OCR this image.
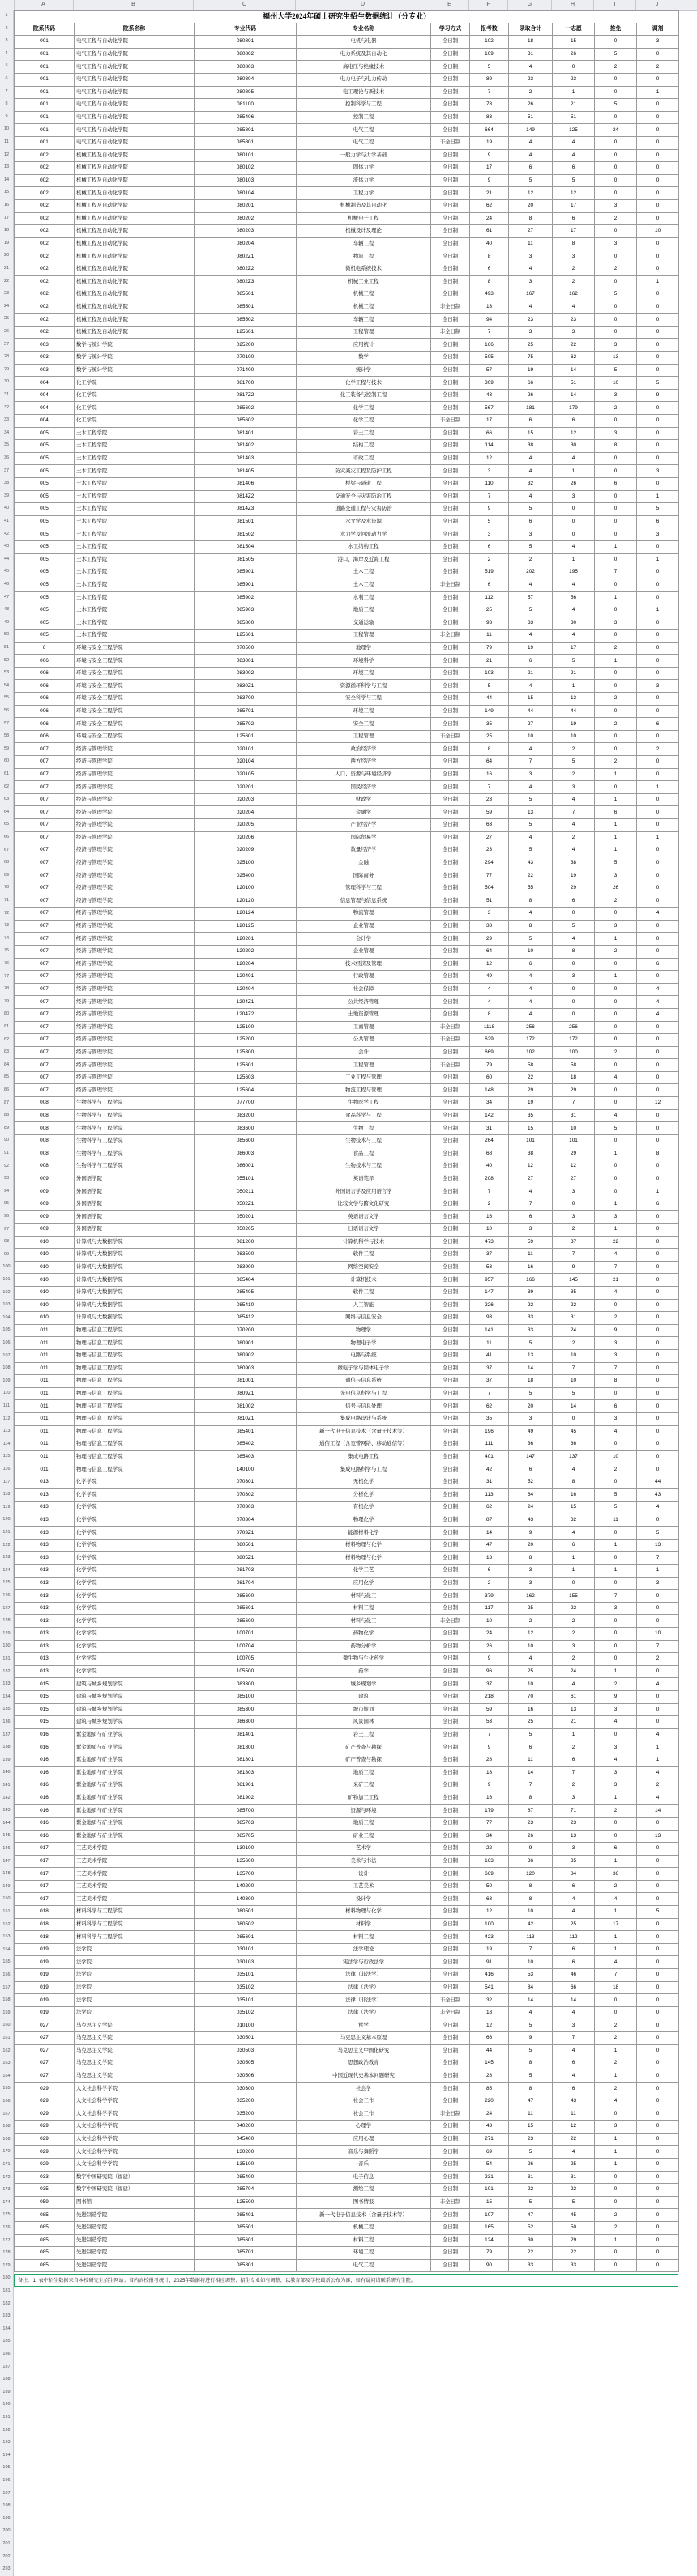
A	B	C	D	E	F	G	H	I	J
1
2
3
4
5
6
7
8
9
10
11
12
13
14
15
16
17
18
19
20
21
22
23
24
25
26
27
28
29
30
31
32
33
34
35
36
37
38
39
40
41
42
43
44
45
46
47
48
49
50
51
52
53
54
55
56
57
58
59
60
61
62
63
64
65
66
67
68
69
70
71
72
73
74
75
76
77
78
79
80
81
82
83
84
85
86
87
88
89
90
91
92
93
94
95
96
97
98
99
100
101
102
103
104
105
106
107
108
109
110
111
112
113
114
115
116
117
118
119
120
121
122
123
124
125
126
127
128
129
130
131
132
133
134
135
136
137
138
139
140
141
142
143
144
145
146
147
148
149
150
151
152
153
154
155
156
157
158
159
160
161
162
163
164
165
166
167
168
169
170
171
172
173
174
175
176
177
178
179
180
181
182
183
184
185
186
187
188
189
190
191
192
193
194
195
196
197
198
199
200
201
202
203
福州大学2024年硕士研究生招生数据统计（分专业）									
院系代码	院系名称	专业代码	专业名称	学习方式	报考数	录取合计	一志愿	推免	调剂
001	电气工程与自动化学院	080801	电机与电器	全日制	102	18	15	0	3
001	电气工程与自动化学院	080802	电力系统及其自动化	全日制	109	31	26	5	0
001	电气工程与自动化学院	080803	高电压与绝缘技术	全日制	5	4	0	2	2
001	电气工程与自动化学院	080804	电力电子与电力传动	全日制	89	23	23	0	0
001	电气工程与自动化学院	080805	电工理论与新技术	全日制	7	2	1	0	1
001	电气工程与自动化学院	081100	控制科学与工程	全日制	78	26	21	5	0
001	电气工程与自动化学院	085406	控制工程	全日制	83	51	51	0	0
001	电气工程与自动化学院	085801	电气工程	全日制	664	149	125	24	0
001	电气工程与自动化学院	085801	电气工程	非全日制	19	4	4	0	0
002	机械工程及自动化学院	080101	一般力学与力学基础	全日制	9	4	4	0	0
002	机械工程及自动化学院	080102	固体力学	全日制	17	6	6	0	0
002	机械工程及自动化学院	080103	流体力学	全日制	9	5	5	0	0
002	机械工程及自动化学院	080104	工程力学	全日制	21	12	12	0	0
002	机械工程及自动化学院	080201	机械制造及其自动化	全日制	62	20	17	3	0
002	机械工程及自动化学院	080202	机械电子工程	全日制	24	8	6	2	0
002	机械工程及自动化学院	080203	机械设计及理论	全日制	61	27	17	0	10
002	机械工程及自动化学院	080204	车辆工程	全日制	40	11	8	3	0
002	机械工程及自动化学院	0802Z1	物流工程	全日制	8	3	3	0	0
002	机械工程及自动化学院	0802Z2	微机电系统技术	全日制	6	4	2	2	0
002	机械工程及自动化学院	0802Z3	机械工业工程	全日制	8	3	2	0	1
002	机械工程及自动化学院	085501	机械工程	全日制	493	167	162	5	0
002	机械工程及自动化学院	085501	机械工程	非全日制	13	4	4	0	0
002	机械工程及自动化学院	085502	车辆工程	全日制	94	23	23	0	0
002	机械工程及自动化学院	125601	工程管理	非全日制	7	3	3	0	0
003	数学与统计学院	025200	应用统计	全日制	166	25	22	3	0
003	数学与统计学院	070100	数学	全日制	505	75	62	13	0
003	数学与统计学院	071400	统计学	全日制	57	19	14	5	0
004	化工学院	081700	化学工程与技术	全日制	309	66	51	10	5
004	化工学院	0817Z2	化工装备与控制工程	全日制	43	26	14	3	9
004	化工学院	085602	化学工程	全日制	567	181	179	2	0
004	化工学院	085602	化学工程	非全日制	17	6	6	0	0
005	土木工程学院	081401	岩土工程	全日制	66	15	12	3	0
005	土木工程学院	081402	结构工程	全日制	114	38	30	8	0
005	土木工程学院	081403	市政工程	全日制	12	4	4	0	0
005	土木工程学院	081405	防灾减灾工程及防护工程	全日制	3	4	1	0	3
005	土木工程学院	081406	桥梁与隧道工程	全日制	110	32	26	6	0
005	土木工程学院	0814Z2	交通安全与灾害防治工程	全日制	7	4	3	0	1
005	土木工程学院	0814Z3	道路交通工程与灾害防治	全日制	9	5	0	0	5
005	土木工程学院	081501	水文学及水资源	全日制	5	6	0	0	6
005	土木工程学院	081502	水力学及河流动力学	全日制	3	3	0	0	3
005	土木工程学院	081504	水工结构工程	全日制	6	5	4	1	0
005	土木工程学院	081505	港口、海岸及近海工程	全日制	2	2	1	0	1
005	土木工程学院	085901	土木工程	全日制	519	202	195	7	0
005	土木工程学院	085901	土木工程	非全日制	6	4	4	0	0
005	土木工程学院	085902	水利工程	全日制	112	57	56	1	0
005	土木工程学院	085903	地质工程	全日制	25	5	4	0	1
005	土木工程学院	085800	交通运输	全日制	93	33	30	3	0
005	土木工程学院	125601	工程管理	非全日制	11	4	4	0	0
6	环境与安全工程学院	070500	地理学	全日制	79	19	17	2	0
006	环境与安全工程学院	083001	环境科学	全日制	21	6	5	1	0
006	环境与安全工程学院	083002	环境工程	全日制	103	21	21	0	0
006	环境与安全工程学院	0830Z1	资源循环科学与工程	全日制	5	4	1	0	3
006	环境与安全工程学院	083700	安全科学与工程	全日制	44	15	13	2	0
006	环境与安全工程学院	085701	环境工程	全日制	149	44	44	0	0
006	环境与安全工程学院	085702	安全工程	全日制	35	27	19	2	6
006	环境与安全工程学院	125601	工程管理	非全日制	25	10	10	0	0
007	经济与管理学院	020101	政治经济学	全日制	8	4	2	0	2
007	经济与管理学院	020104	西方经济学	全日制	64	7	5	2	0
007	经济与管理学院	020105	人口、资源与环境经济学	全日制	16	3	2	1	0
007	经济与管理学院	020201	国民经济学	全日制	7	4	3	0	1
007	经济与管理学院	020203	财政学	全日制	23	5	4	1	0
007	经济与管理学院	020204	金融学	全日制	59	13	7	6	0
007	经济与管理学院	020205	产业经济学	全日制	63	5	4	1	0
007	经济与管理学院	020206	国际贸易学	全日制	27	4	2	1	1
007	经济与管理学院	020209	数量经济学	全日制	23	5	4	1	0
007	经济与管理学院	025100	金融	全日制	294	43	38	5	0
007	经济与管理学院	025400	国际商务	全日制	77	22	19	3	0
007	经济与管理学院	120100	管理科学与工程	全日制	504	55	29	26	0
007	经济与管理学院	120120	信息管理与信息系统	全日制	51	8	6	2	0
007	经济与管理学院	120124	物流管理	全日制	3	4	0	0	4
007	经济与管理学院	120125	企业管理	全日制	33	8	5	3	0
007	经济与管理学院	120201	会计学	全日制	29	5	4	1	0
007	经济与管理学院	120202	企业管理	全日制	64	10	8	2	0
007	经济与管理学院	120204	技术经济及管理	全日制	12	6	0	0	6
007	经济与管理学院	120401	行政管理	全日制	49	4	3	1	0
007	经济与管理学院	120404	社会保障	全日制	4	4	0	0	4
007	经济与管理学院	1204Z1	公共经济管理	全日制	4	4	0	0	4
007	经济与管理学院	1204Z2	土地资源管理	全日制	8	4	0	0	4
007	经济与管理学院	125100	工商管理	非全日制	1118	256	256	0	0
007	经济与管理学院	125200	公共管理	非全日制	629	172	172	0	0
007	经济与管理学院	125300	会计	全日制	669	102	100	2	0
007	经济与管理学院	125601	工程管理	非全日制	79	58	58	0	0
007	经济与管理学院	125603	工业工程与管理	全日制	60	22	18	4	0
007	经济与管理学院	125604	物流工程与管理	全日制	148	29	29	0	0
008	生物科学与工程学院	077700	生物医学工程	全日制	34	19	7	0	12
008	生物科学与工程学院	083200	食品科学与工程	全日制	142	35	31	4	0
008	生物科学与工程学院	083600	生物工程	全日制	31	15	10	5	0
008	生物科学与工程学院	085600	生物技术与工程	全日制	264	101	101	0	0
008	生物科学与工程学院	086003	食品工程	全日制	68	38	29	1	8
008	生物科学与工程学院	086001	生物技术与工程	全日制	40	12	12	0	0
009	外国语学院	055101	英语笔译	全日制	208	27	27	0	0
009	外国语学院	050211	外国语言学及应用语言学	全日制	7	4	3	0	1
009	外国语学院	0502Z1	比较文学与跨文化研究	全日制	2	7	0	1	6
009	外国语学院	050201	英语语言文学	全日制	16	6	3	3	0
009	外国语学院	050205	日语语言文学	全日制	10	3	2	1	0
010	计算机与大数据学院	081200	计算机科学与技术	全日制	473	59	37	22	0
010	计算机与大数据学院	083500	软件工程	全日制	37	11	7	4	0
010	计算机与大数据学院	083900	网络空间安全	全日制	53	16	9	7	0
010	计算机与大数据学院	085404	计算机技术	全日制	957	166	145	21	0
010	计算机与大数据学院	085405	软件工程	全日制	147	39	35	4	0
010	计算机与大数据学院	085410	人工智能	全日制	226	22	22	0	0
010	计算机与大数据学院	085412	网络与信息安全	全日制	93	33	31	2	0
011	物理与信息工程学院	070200	物理学	全日制	141	33	24	9	0
011	物理与信息工程学院	080901	物理电子学	全日制	11	5	2	3	0
011	物理与信息工程学院	080902	电路与系统	全日制	41	13	10	3	0
011	物理与信息工程学院	080903	微电子学与固体电子学	全日制	37	14	7	7	0
011	物理与信息工程学院	081001	通信与信息系统	全日制	37	18	10	8	0
011	物理与信息工程学院	0809Z1	光电信息科学与工程	全日制	7	5	5	0	0
011	物理与信息工程学院	081002	信号与信息处理	全日制	62	20	14	6	0
011	物理与信息工程学院	0810Z1	集成电路设计与系统	全日制	35	3	0	3	0
011	物理与信息工程学院	085401	新一代电子信息技术（含量子技术等）	全日制	196	49	45	4	0
011	物理与信息工程学院	085402	通信工程（含宽带网络、移动通信等）	全日制	111	36	36	0	0
011	物理与信息工程学院	085403	集成电路工程	全日制	401	147	137	10	0
011	物理与信息工程学院	140100	集成电路科学与工程	全日制	42	6	4	2	0
013	化学学院	070301	无机化学	全日制	31	52	8	0	44
013	化学学院	070302	分析化学	全日制	113	64	16	5	43
013	化学学院	070303	有机化学	全日制	62	24	15	5	4
013	化学学院	070304	物理化学	全日制	87	43	32	11	0
013	化学学院	0703Z1	能源材料化学	全日制	14	9	4	0	5
013	化学学院	080501	材料物理与化学	全日制	47	20	6	1	13
013	化学学院	0805Z1	材料物理与化学	全日制	13	8	1	0	7
013	化学学院	081703	化学工艺	全日制	6	3	1	1	1
013	化学学院	081704	应用化学	全日制	2	3	0	0	3
013	化学学院	085600	材料与化工	全日制	379	162	155	7	0
013	化学学院	085601	材料工程	全日制	117	25	22	3	0
013	化学学院	085600	材料与化工	非全日制	10	2	2	0	0
013	化学学院	100701	药物化学	全日制	24	12	2	0	10
013	化学学院	100704	药物分析学	全日制	26	10	3	0	7
013	化学学院	100705	微生物与生化药学	全日制	9	4	2	0	2
013	化学学院	105500	药学	全日制	96	25	24	1	0
015	建筑与城乡规划学院	083300	城乡规划学	全日制	37	10	4	2	4
015	建筑与城乡规划学院	085100	建筑	全日制	218	70	61	9	0
015	建筑与城乡规划学院	085300	城市规划	全日制	59	16	13	3	0
015	建筑与城乡规划学院	086300	风景园林	全日制	53	25	21	4	0
016	紫金地质与矿业学院	081401	岩土工程	全日制	7	5	1	0	4
016	紫金地质与矿业学院	081800	矿产普查与勘探	全日制	9	6	2	3	1
016	紫金地质与矿业学院	081801	矿产普查与勘探	全日制	28	11	6	4	1
016	紫金地质与矿业学院	081803	地质工程	全日制	18	14	7	3	4
016	紫金地质与矿业学院	081901	采矿工程	全日制	9	7	2	3	2
016	紫金地质与矿业学院	081902	矿物加工工程	全日制	16	8	3	1	4
016	紫金地质与矿业学院	085700	资源与环境	全日制	179	87	71	2	14
016	紫金地质与矿业学院	085703	地质工程	全日制	77	23	23	0	0
016	紫金地质与矿业学院	085705	矿业工程	全日制	34	26	13	0	13
017	工艺美术学院	130100	艺术学	全日制	22	9	3	6	0
017	工艺美术学院	135600	美术与书法	全日制	163	36	35	1	0
017	工艺美术学院	135700	设计	全日制	669	120	84	36	0
017	工艺美术学院	140200	工艺美术	全日制	50	8	6	2	0
017	工艺美术学院	140300	设计学	全日制	63	8	4	4	0
018	材料科学与工程学院	080501	材料物理与化学	全日制	12	10	4	1	5
018	材料科学与工程学院	080502	材料学	全日制	100	42	25	17	0
018	材料科学与工程学院	085601	材料工程	全日制	423	113	112	1	0
019	法学院	030101	法学理论	全日制	19	7	6	1	0
019	法学院	030103	宪法学与行政法学	全日制	91	10	6	4	0
019	法学院	035101	法律（非法学）	全日制	416	53	46	7	0
019	法学院	035102	法律（法学）	全日制	541	84	66	18	0
019	法学院	035101	法律（非法学）	非全日制	32	14	14	0	0
019	法学院	035102	法律（法学）	非全日制	18	4	4	0	0
027	马克思主义学院	010100	哲学	全日制	12	5	3	2	0
027	马克思主义学院	030501	马克思主义基本原理	全日制	66	9	7	2	0
027	马克思主义学院	030503	马克思主义中国化研究	全日制	44	5	4	1	0
027	马克思主义学院	030505	思想政治教育	全日制	145	8	6	2	0
027	马克思主义学院	030506	中国近现代史基本问题研究	全日制	28	5	4	1	0
029	人文社会科学学院	030300	社会学	全日制	85	8	6	2	0
029	人文社会科学学院	035200	社会工作	全日制	220	47	43	4	0
029	人文社会科学学院	035200	社会工作	非全日制	24	11	11	0	0
029	人文社会科学学院	040200	心理学	全日制	43	15	12	3	0
029	人文社会科学学院	045400	应用心理	全日制	271	23	22	1	0
029	人文社会科学学院	130200	音乐与舞蹈学	全日制	69	5	4	1	0
029	人文社会科学学院	135100	音乐	全日制	54	26	25	1	0
033	数字中国研究院（福建）	085400	电子信息	全日制	231	31	31	0	0
035	数字中国研究院（福建）	085704	测绘工程	全日制	101	22	22	0	0
059	图书馆	125500	图书情报	非全日制	15	5	5	0	0
085	先进制造学院	085401	新一代电子信息技术（含量子技术等）	全日制	107	47	45	2	0
085	先进制造学院	085501	机械工程	全日制	165	52	50	2	0
085	先进制造学院	085601	材料工程	全日制	124	30	29	1	0
085	先进制造学院	085701	环境工程	全日制	79	22	22	0	0
085	先进制造学院	085801	电气工程	全日制	90	33	33	0	0
备注：1. 表中招生数据来自本校研究生招生网站；省内高校报考统计，2025年数据将进行相应调整；招生专业如有调整，以教育部及学校最新公布为准，如有疑问请联系研究生院。
